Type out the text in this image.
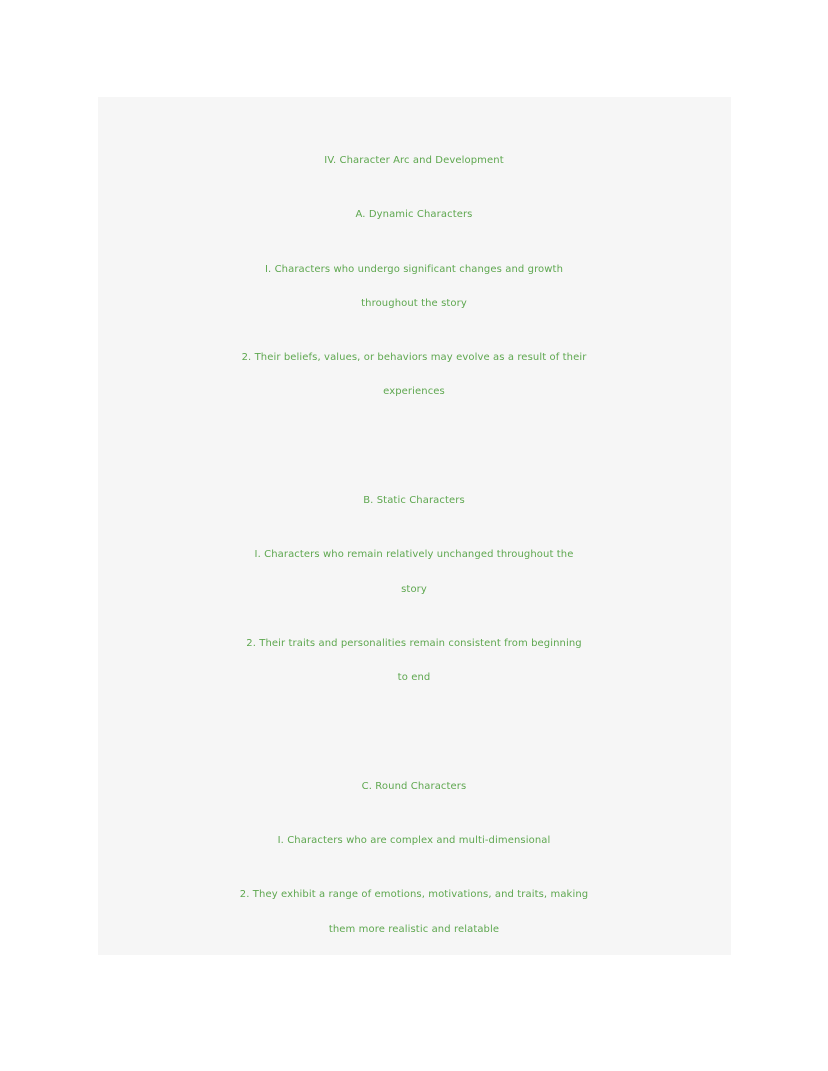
IV. Character Arc and Development
A. Dynamic Characters
I. Characters who undergo significant changes and growth
throughout the story
2. Their beliefs, values, or behaviors may evolve as a result of their
experiences
B. Static Characters
I. Characters who remain relatively unchanged throughout the
story
2. Their traits and personalities remain consistent from beginning
to end
C. Round Characters
I. Characters who are complex and multi-dimensional
2. They exhibit a range of emotions, motivations, and traits, making
them more realistic and relatable
